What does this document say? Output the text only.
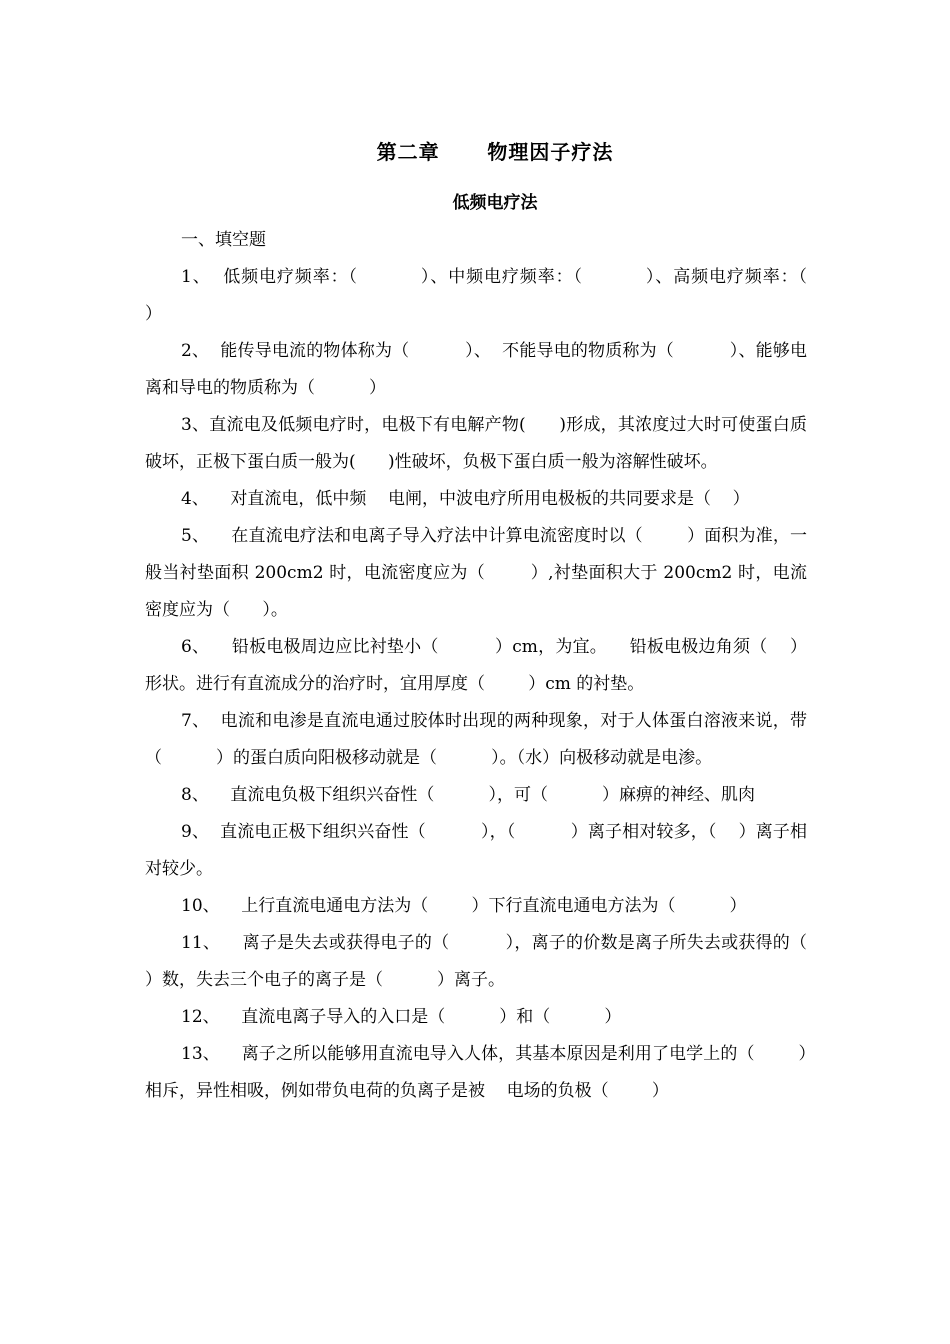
第二章      物理因子疗法
低频电疗法

一、填空题

1、  低频电疗频率：（          ）、中频电疗频率：（          ）、高频电疗频率：（          ）

2、  能传导电流的物体称为（          ）、  不能导电的物质称为（          ）、能够电离和导电的物质称为（          ）

3、直流电及低频电疗时，电极下有电解产物(      )形成，其浓度过大时可使蛋白质破坏，正极下蛋白质一般为(      )性破坏，负极下蛋白质一般为溶解性破坏。

4、    对直流电，低中频    电闸，中波电疗所用电极板的共同要求是（    ）

5、    在直流电疗法和电离子导入疗法中计算电流密度时以（        ）面积为准，一般当衬垫面积 200cm2 时，电流密度应为（        ）,衬垫面积大于 200cm2 时，电流密度应为（      ）。

6、    铅板电极周边应比衬垫小（          ）cm，为宜。    铅板电极边角须（    ）形状。进行有直流成分的治疗时，宜用厚度（        ）cm 的衬垫。

7、  电流和电渗是直流电通过胶体时出现的两种现象，对于人体蛋白溶液来说，带（          ）的蛋白质向阳极移动就是（          ）。（水）向极移动就是电渗。

8、    直流电负极下组织兴奋性（          ），可（          ）麻痹的神经、肌肉

9、  直流电正极下组织兴奋性（          ），（          ）离子相对较多，（    ）离子相对较少。

10、    上行直流电通电方法为（        ）下行直流电通电方法为（          ）

11、    离子是失去或获得电子的（          ），离子的价数是离子所失去或获得的（          ）数，失去三个电子的离子是（          ）离子。

12、    直流电离子导入的入口是（          ）和（          ）

13、    离子之所以能够用直流电导入人体，其基本原因是利用了电学上的（        ）相斥，异性相吸，例如带负电荷的负离子是被    电场的负极（        ）
